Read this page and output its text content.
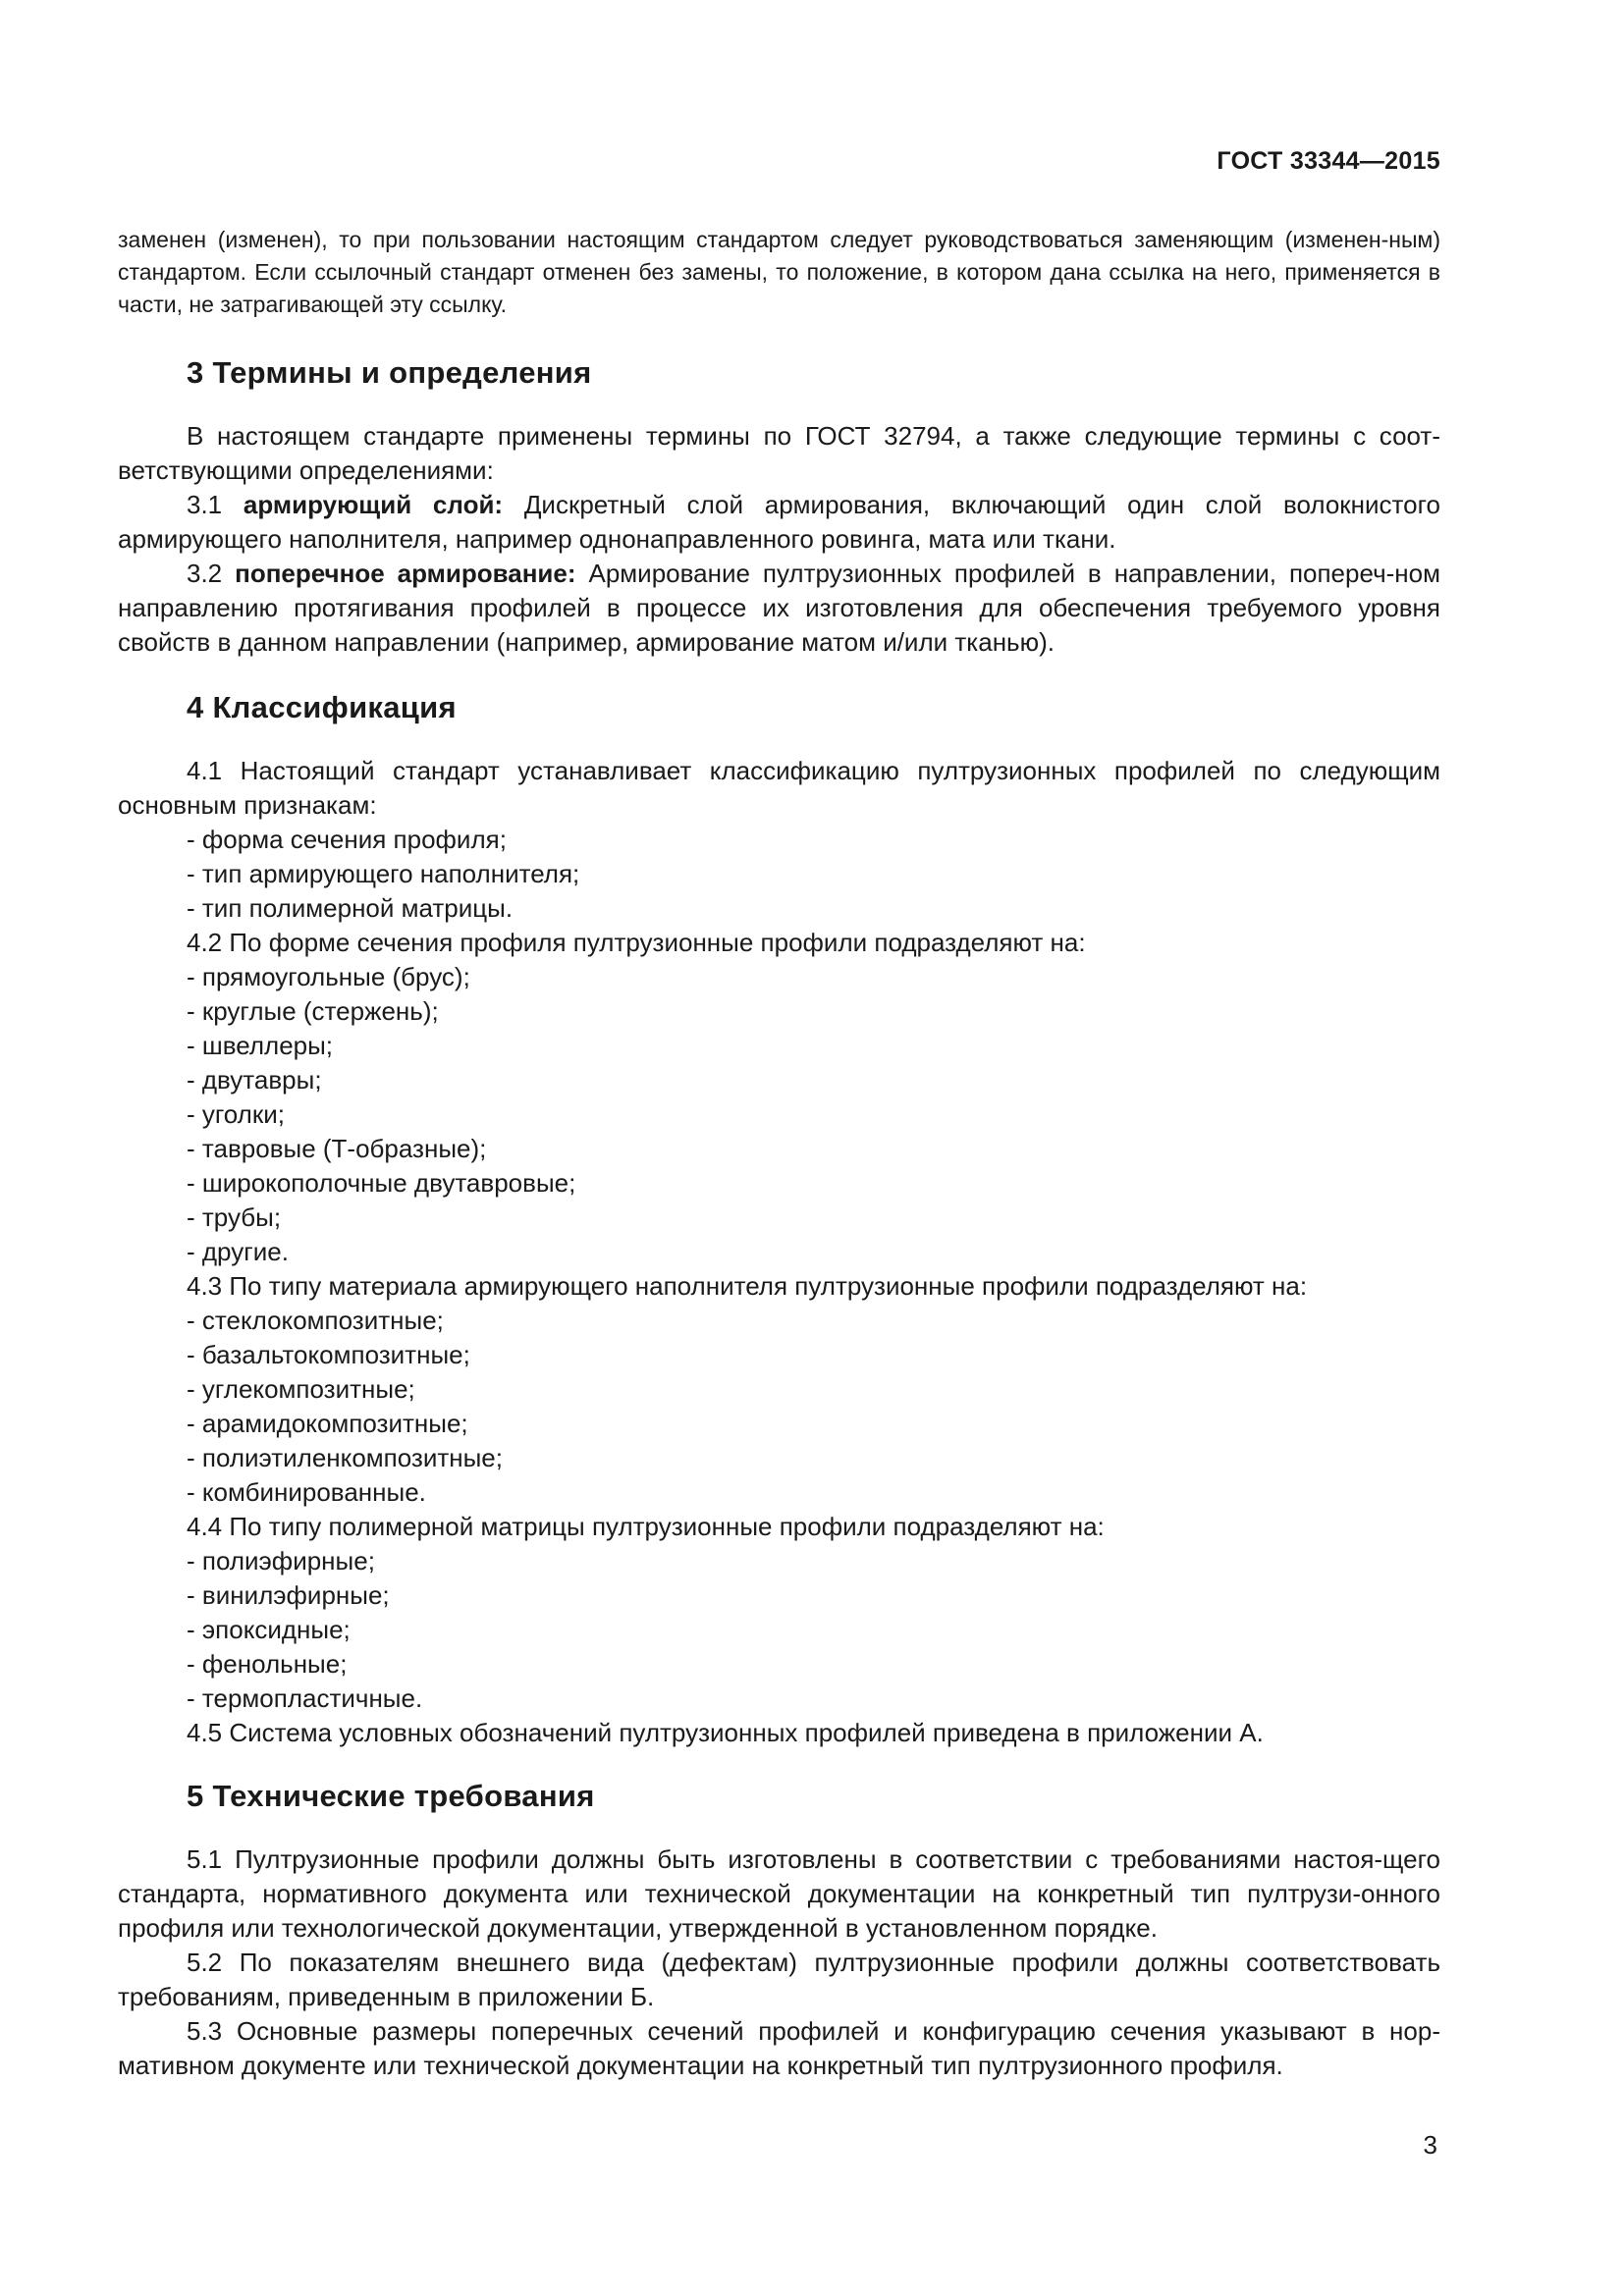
ГОСТ 33344—2015

заменен (изменен), то при пользовании настоящим стандартом следует руководствоваться заменяющим (изменен-ным) стандартом. Если ссылочный стандарт отменен без замены, то положение, в котором дана ссылка на него, применяется в части, не затрагивающей эту ссылку.

3 Термины и определения

В настоящем стандарте применены термины по ГОСТ 32794, а также следующие термины с соот-ветствующими определениями:

3.1 армирующий слой: Дискретный слой армирования, включающий один слой волокнистого армирующего наполнителя, например однонаправленного ровинга, мата или ткани.

3.2 поперечное армирование: Армирование пултрузионных профилей в направлении, попереч-ном направлению протягивания профилей в процессе их изготовления для обеспечения требуемого уровня свойств в данном направлении (например, армирование матом и/или тканью).

4 Классификация

4.1 Настоящий стандарт устанавливает классификацию пултрузионных профилей по следующим основным признакам:

- форма сечения профиля;

- тип армирующего наполнителя;

- тип полимерной матрицы.

4.2 По форме сечения профиля пултрузионные профили подразделяют на:

- прямоугольные (брус);

- круглые (стержень);

- швеллеры;

- двутавры;

- уголки;

- тавровые (Т-образные);

- широкополочные двутавровые;

- трубы;

- другие.

4.3 По типу материала армирующего наполнителя пултрузионные профили подразделяют на:

- стеклокомпозитные;

- базальтокомпозитные;

- углекомпозитные;

- арамидокомпозитные;

- полиэтиленкомпозитные;

- комбинированные.

4.4 По типу полимерной матрицы пултрузионные профили подразделяют на:

- полиэфирные;

- винилэфирные;

- эпоксидные;

- фенольные;

- термопластичные.

4.5 Система условных обозначений пултрузионных профилей приведена в приложении А.

5 Технические требования

5.1 Пултрузионные профили должны быть изготовлены в соответствии с требованиями настоя-щего стандарта, нормативного документа или технической документации на конкретный тип пултрузи-онного профиля или технологической документации, утвержденной в установленном порядке.

5.2 По показателям внешнего вида (дефектам) пултрузионные профили должны соответствовать требованиям, приведенным в приложении Б.

5.3 Основные размеры поперечных сечений профилей и конфигурацию сечения указывают в нор-мативном документе или технической документации на конкретный тип пултрузионного профиля.

3
